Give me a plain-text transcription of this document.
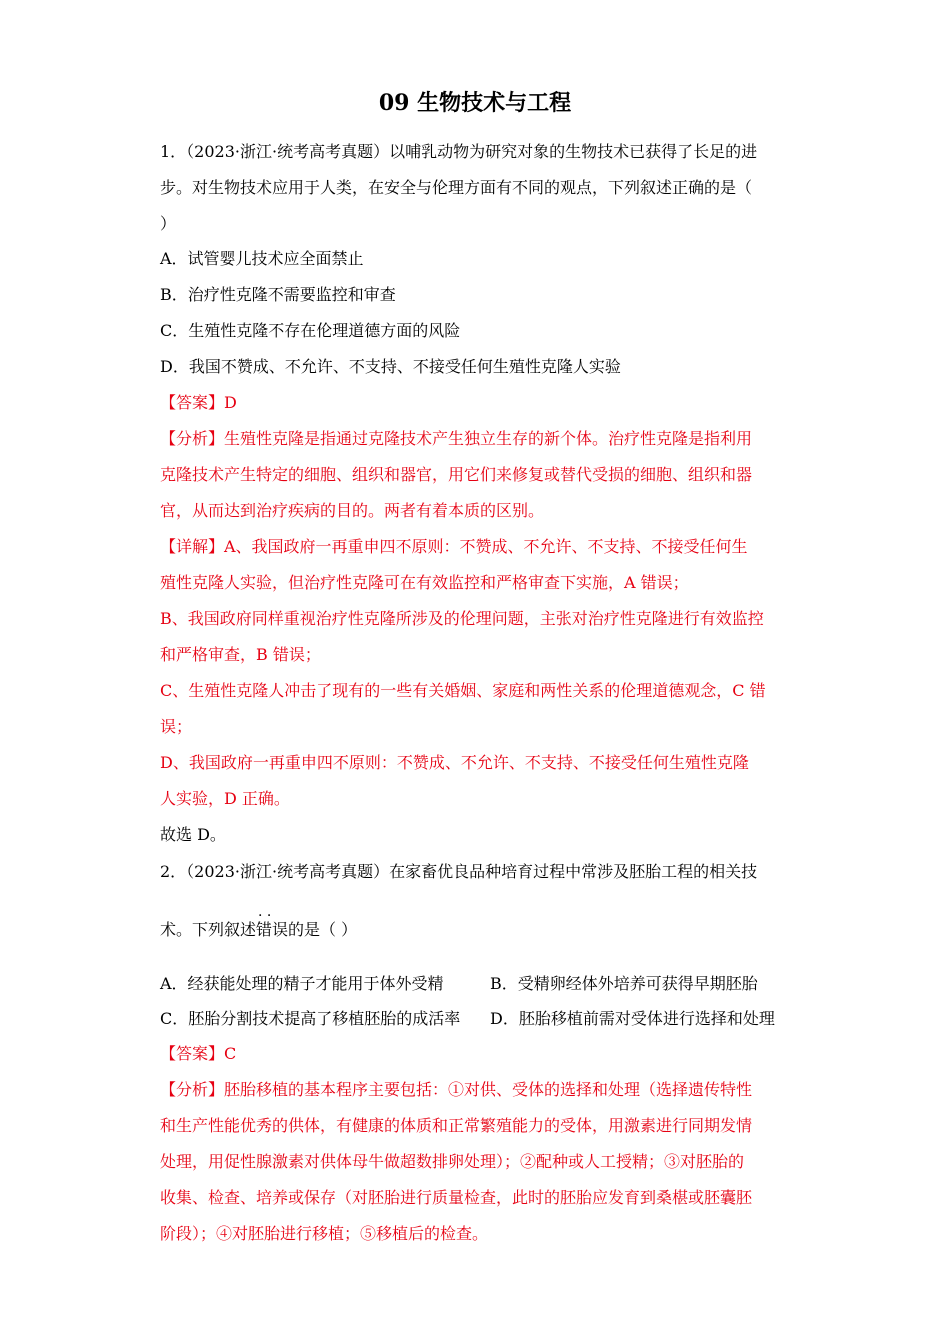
09 生物技术与工程
1．（2023·浙江·统考高考真题）以哺乳动物为研究对象的生物技术已获得了长足的进
步。对生物技术应用于人类，在安全与伦理方面有不同的观点，下列叙述正确的是（
）
A．试管婴儿技术应全面禁止
B．治疗性克隆不需要监控和审查
C．生殖性克隆不存在伦理道德方面的风险
D．我国不赞成、不允许、不支持、不接受任何生殖性克隆人实验
【答案】D
【分析】生殖性克隆是指通过克隆技术产生独立生存的新个体。治疗性克隆是指利用
克隆技术产生特定的细胞、组织和器官，用它们来修复或替代受损的细胞、组织和器
官，从而达到治疗疾病的目的。两者有着本质的区别。
【详解】A、我国政府一再重申四不原则：不赞成、不允许、不支持、不接受任何生
殖性克隆人实验，但治疗性克隆可在有效监控和严格审查下实施，A 错误；
B、我国政府同样重视治疗性克隆所涉及的伦理问题，主张对治疗性克隆进行有效监控
和严格审查，B 错误；
C、生殖性克隆人冲击了现有的一些有关婚姻、家庭和两性关系的伦理道德观念，C 错
误；
D、我国政府一再重申四不原则：不赞成、不允许、不支持、不接受任何生殖性克隆
人实验，D 正确。
故选 D。
2．（2023·浙江·统考高考真题）在家畜优良品种培育过程中常涉及胚胎工程的相关技
术。下列叙述· · 错误的是（ ）
A．经获能处理的精子才能用于体外受精	B．受精卵经体外培养可获得早期胚胎
C．胚胎分割技术提高了移植胚胎的成活率 D．胚胎移植前需对受体进行选择和处理
【答案】C
【分析】胚胎移植的基本程序主要包括：①对供、受体的选择和处理（选择遗传特性
和生产性能优秀的供体，有健康的体质和正常繁殖能力的受体，用激素进行同期发情
处理，用促性腺激素对供体母牛做超数排卵处理）；②配种或人工授精；③对胚胎的
收集、检查、培养或保存（对胚胎进行质量检查，此时的胚胎应发育到桑椹或胚囊胚
阶段）；④对胚胎进行移植；⑤移植后的检查。
